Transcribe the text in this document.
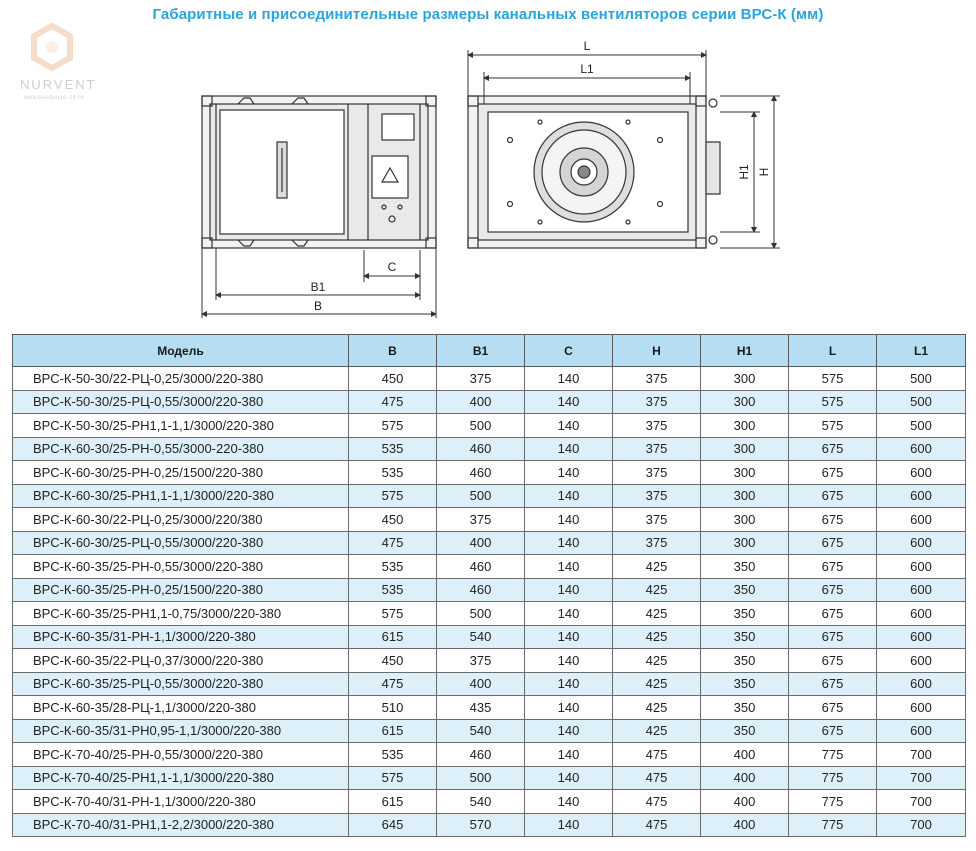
Габаритные и присоединительные размеры канальных вентиляторов серии ВРС-К (мм)
NURVENT
инженерные сети
C
B1
B
L
L1
H1 H
Модель	B	B1	C	H	H1	L	L1
ВРС-К-50-30/22-РЦ-0,25/3000/220-380	450	375	140	375	300	575	500
ВРС-К-50-30/25-РЦ-0,55/3000/220-380	475	400	140	375	300	575	500
ВРС-К-50-30/25-РН1,1-1,1/3000/220-380	575	500	140	375	300	575	500
ВРС-К-60-30/25-РН-0,55/3000-220-380	535	460	140	375	300	675	600
ВРС-К-60-30/25-РН-0,25/1500/220-380	535	460	140	375	300	675	600
ВРС-К-60-30/25-РН1,1-1,1/3000/220-380	575	500	140	375	300	675	600
ВРС-К-60-30/22-РЦ-0,25/3000/220/380	450	375	140	375	300	675	600
ВРС-К-60-30/25-РЦ-0,55/3000/220-380	475	400	140	375	300	675	600
ВРС-К-60-35/25-РН-0,55/3000/220-380	535	460	140	425	350	675	600
ВРС-К-60-35/25-РН-0,25/1500/220-380	535	460	140	425	350	675	600
ВРС-К-60-35/25-РН1,1-0,75/3000/220-380	575	500	140	425	350	675	600
ВРС-К-60-35/31-РН-1,1/3000/220-380	615	540	140	425	350	675	600
ВРС-К-60-35/22-РЦ-0,37/3000/220-380	450	375	140	425	350	675	600
ВРС-К-60-35/25-РЦ-0,55/3000/220-380	475	400	140	425	350	675	600
ВРС-К-60-35/28-РЦ-1,1/3000/220-380	510	435	140	425	350	675	600
ВРС-К-60-35/31-РН0,95-1,1/3000/220-380	615	540	140	425	350	675	600
ВРС-К-70-40/25-РН-0,55/3000/220-380	535	460	140	475	400	775	700
ВРС-К-70-40/25-РН1,1-1,1/3000/220-380	575	500	140	475	400	775	700
ВРС-К-70-40/31-РН-1,1/3000/220-380	615	540	140	475	400	775	700
ВРС-К-70-40/31-РН1,1-2,2/3000/220-380	645	570	140	475	400	775	700
